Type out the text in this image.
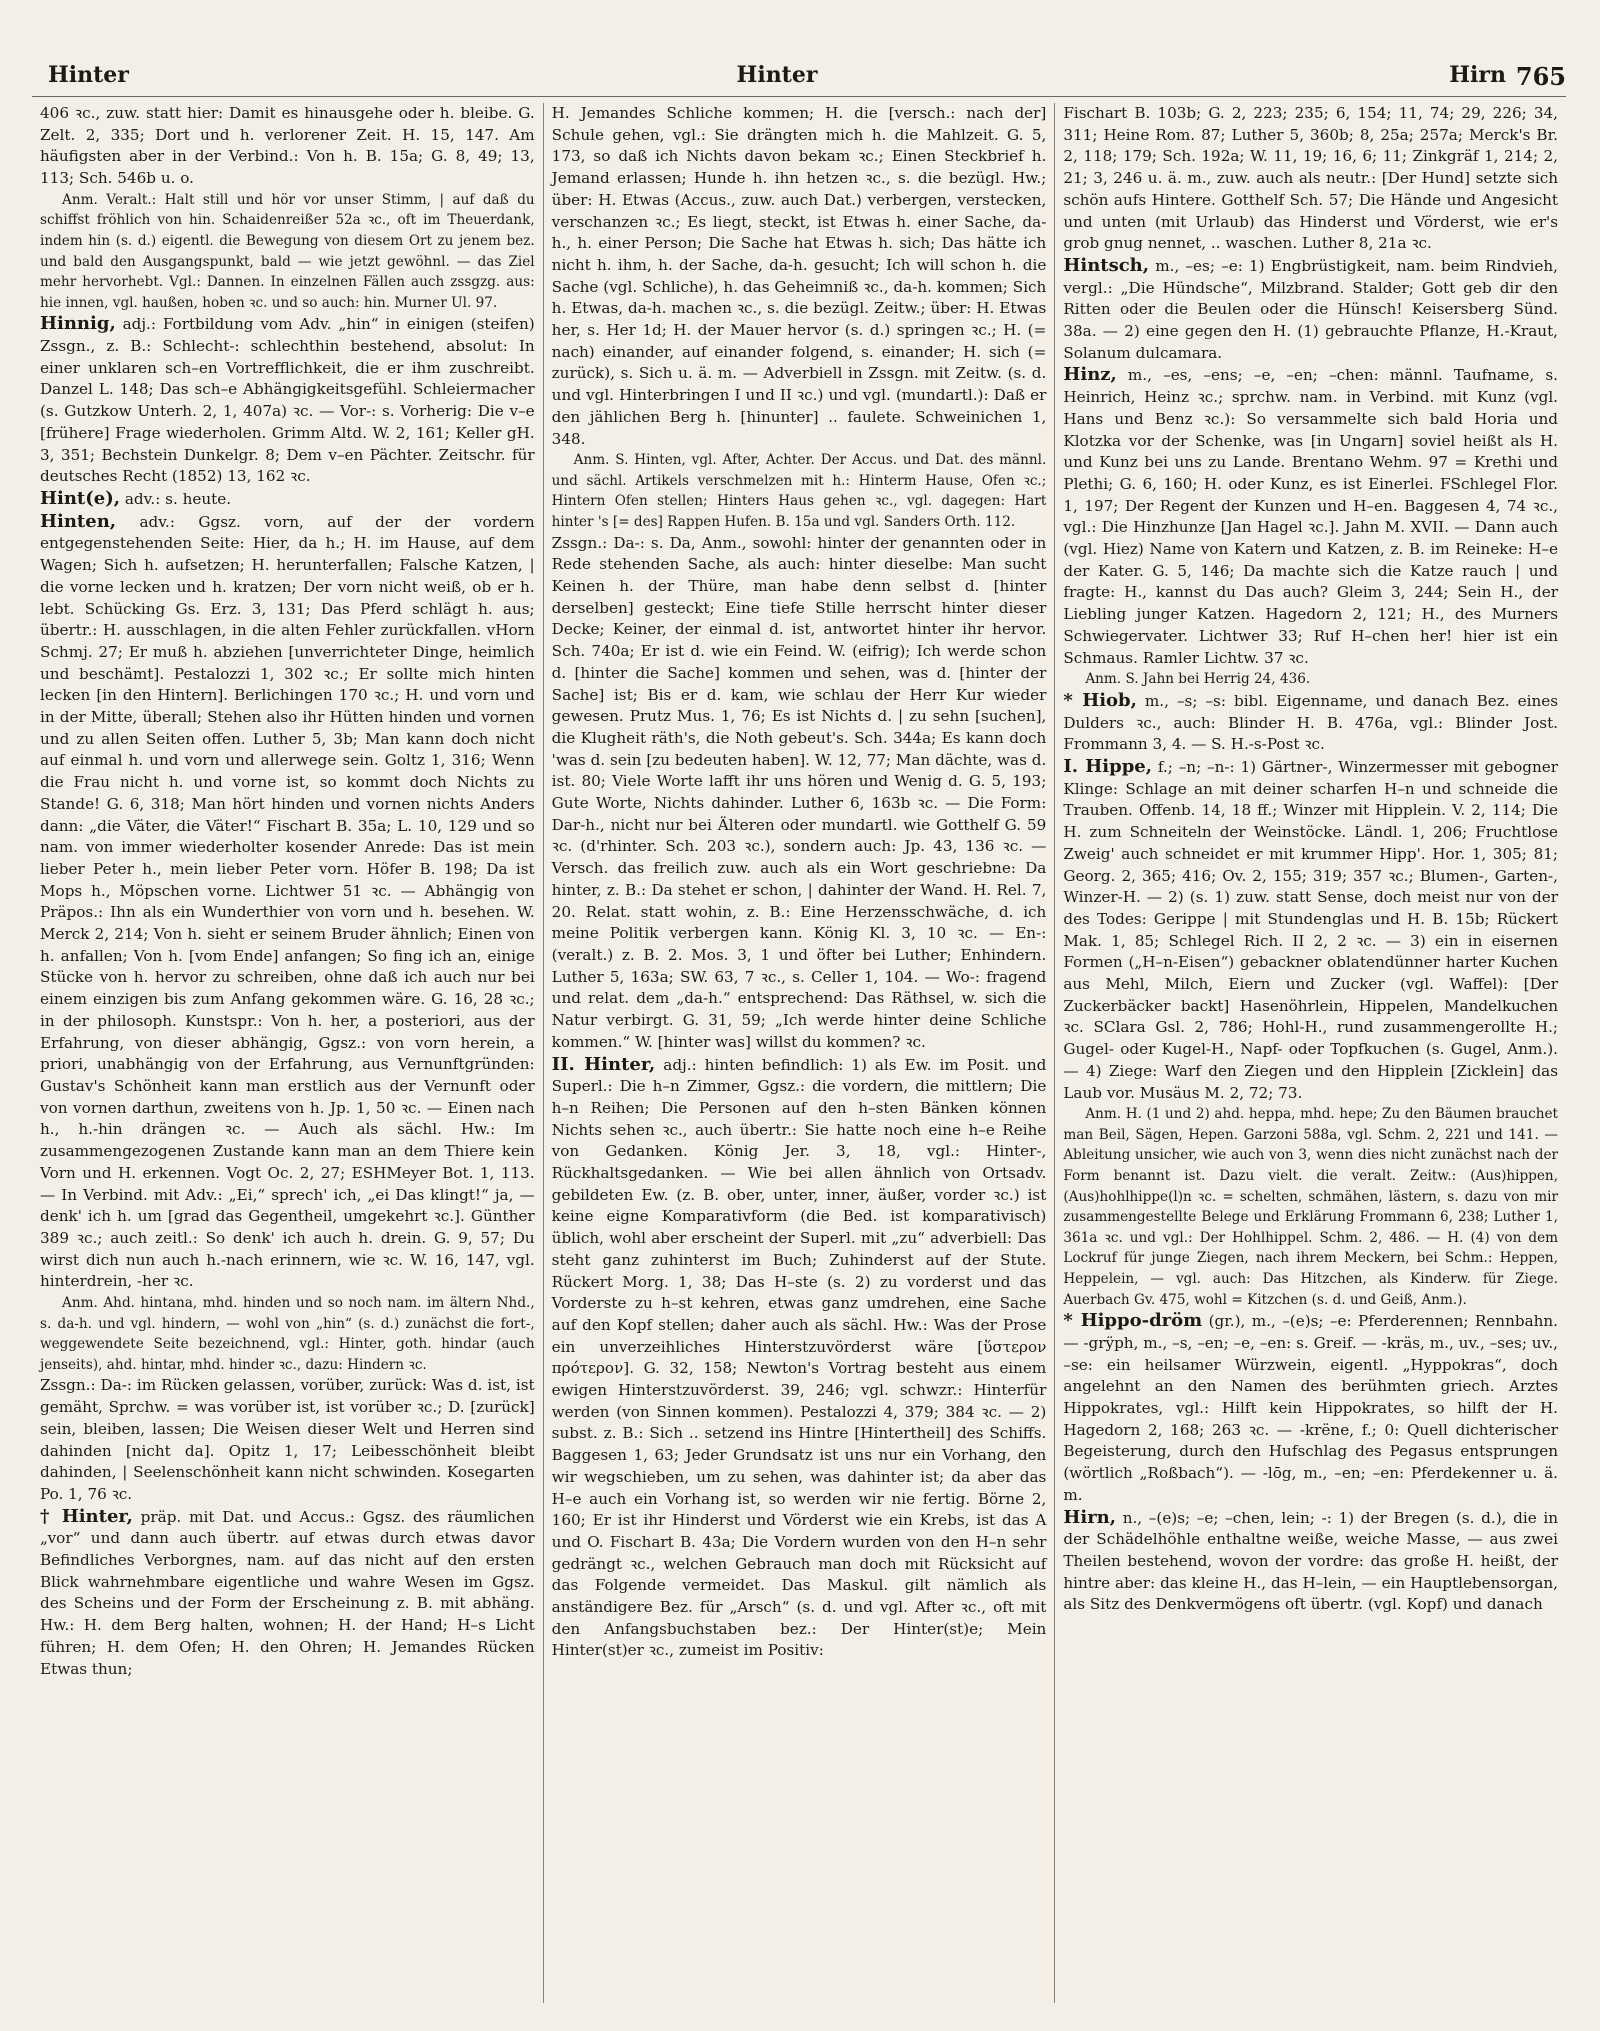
Hinter	Hinter	Hirn 765

406 ꝛc., zuw. statt hier: Damit es hinausgehe oder h. bleibe. G. Zelt. 2, 335; Dort und h. verlorener Zeit. H. 15, 147. Am häufigsten aber in der Verbind.: Von h. B. 15a; G. 8, 49; 13, 113; Sch. 546b u. o.

Anm. Veralt.: Halt still und hör vor unser Stimm, | auf daß du schiffst fröhlich von hin. Schaidenreißer 52a ꝛc., oft im Theuerdank, indem hin (s. d.) eigentl. die Bewegung von diesem Ort zu jenem bez. und bald den Ausgangspunkt, bald — wie jetzt gewöhnl. — das Ziel mehr hervorhebt. Vgl.: Dannen. In einzelnen Fällen auch zssgzg. aus: hie innen, vgl. haußen, hoben ꝛc. und so auch: hin. Murner Ul. 97.

Hinnig, adj.: Fortbildung vom Adv. „hin“ in einigen (steifen) Zssgn., z. B.: Schlecht-: schlechthin bestehend, absolut: In einer unklaren sch–en Vortrefflichkeit, die er ihm zuschreibt. Danzel L. 148; Das sch–e Abhängigkeitsgefühl. Schleiermacher (s. Gutzkow Unterh. 2, 1, 407a) ꝛc. — Vor-: s. Vorherig: Die v–e [frühere] Frage wiederholen. Grimm Altd. W. 2, 161; Keller gH. 3, 351; Bechstein Dunkelgr. 8; Dem v–en Pächter. Zeitschr. für deutsches Recht (1852) 13, 162 ꝛc.

Hint(e), adv.: s. heute.

Hinten, adv.: Ggsz. vorn, auf der der vordern entgegenstehenden Seite: Hier, da h.; H. im Hause, auf dem Wagen; Sich h. aufsetzen; H. herunterfallen; Falsche Katzen, | die vorne lecken und h. kratzen; Der vorn nicht weiß, ob er h. lebt. Schücking Gs. Erz. 3, 131; Das Pferd schlägt h. aus; übertr.: H. ausschlagen, in die alten Fehler zurückfallen. vHorn Schmj. 27; Er muß h. abziehen [unverrichteter Dinge, heimlich und beschämt]. Pestalozzi 1, 302 ꝛc.; Er sollte mich hinten lecken [in den Hintern]. Berlichingen 170 ꝛc.; H. und vorn und in der Mitte, überall; Stehen also ihr Hütten hinden und vornen und zu allen Seiten offen. Luther 5, 3b; Man kann doch nicht auf einmal h. und vorn und allerwege sein. Goltz 1, 316; Wenn die Frau nicht h. und vorne ist, so kommt doch Nichts zu Stande! G. 6, 318; Man hört hinden und vornen nichts Anders dann: „die Väter, die Väter!“ Fischart B. 35a; L. 10, 129 und so nam. von immer wiederholter kosender Anrede: Das ist mein lieber Peter h., mein lieber Peter vorn. Höfer B. 198; Da ist Mops h., Möpschen vorne. Lichtwer 51 ꝛc. — Abhängig von Präpos.: Ihn als ein Wunderthier von vorn und h. besehen. W. Merck 2, 214; Von h. sieht er seinem Bruder ähnlich; Einen von h. anfallen; Von h. [vom Ende] anfangen; So fing ich an, einige Stücke von h. hervor zu schreiben, ohne daß ich auch nur bei einem einzigen bis zum Anfang gekommen wäre. G. 16, 28 ꝛc.; in der philosoph. Kunstspr.: Von h. her, a posteriori, aus der Erfahrung, von dieser abhängig, Ggsz.: von vorn herein, a priori, unabhängig von der Erfahrung, aus Vernunftgründen: Gustav's Schönheit kann man erstlich aus der Vernunft oder von vornen darthun, zweitens von h. Jp. 1, 50 ꝛc. — Einen nach h., h.-hin drängen ꝛc. — Auch als sächl. Hw.: Im zusammengezogenen Zustande kann man an dem Thiere kein Vorn und H. erkennen. Vogt Oc. 2, 27; ESHMeyer Bot. 1, 113. — In Verbind. mit Adv.: „Ei,“ sprech' ich, „ei Das klingt!“ ja, — denk' ich h. um [grad das Gegentheil, umgekehrt ꝛc.]. Günther 389 ꝛc.; auch zeitl.: So denk' ich auch h. drein. G. 9, 57; Du wirst dich nun auch h.-nach erinnern, wie ꝛc. W. 16, 147, vgl. hinterdrein, -her ꝛc.

Anm. Ahd. hintana, mhd. hinden und so noch nam. im ältern Nhd., s. da-h. und vgl. hindern, — wohl von „hin“ (s. d.) zunächst die fort-, weggewendete Seite bezeichnend, vgl.: Hinter, goth. hindar (auch jenseits), ahd. hintar, mhd. hinder ꝛc., dazu: Hindern ꝛc.

Zssgn.: Da-: im Rücken gelassen, vorüber, zurück: Was d. ist, ist gemäht, Sprchw. = was vorüber ist, ist vorüber ꝛc.; D. [zurück] sein, bleiben, lassen; Die Weisen dieser Welt und Herren sind dahinden [nicht da]. Opitz 1, 17; Leibesschönheit bleibt dahinden, | Seelenschönheit kann nicht schwinden. Kosegarten Po. 1, 76 ꝛc.

† Hinter, präp. mit Dat. und Accus.: Ggsz. des räumlichen „vor“ und dann auch übertr. auf etwas durch etwas davor Befindliches Verborgnes, nam. auf das nicht auf den ersten Blick wahrnehmbare eigentliche und wahre Wesen im Ggsz. des Scheins und der Form der Erscheinung z. B. mit abhäng. Hw.: H. dem Berg halten, wohnen; H. der Hand; H–s Licht führen; H. dem Ofen; H. den Ohren; H. Jemandes Rücken Etwas thun;

H. Jemandes Schliche kommen; H. die [versch.: nach der] Schule gehen, vgl.: Sie drängten mich h. die Mahlzeit. G. 5, 173, so daß ich Nichts davon bekam ꝛc.; Einen Steckbrief h. Jemand erlassen; Hunde h. ihn hetzen ꝛc., s. die bezügl. Hw.; über: H. Etwas (Accus., zuw. auch Dat.) verbergen, verstecken, verschanzen ꝛc.; Es liegt, steckt, ist Etwas h. einer Sache, da-h., h. einer Person; Die Sache hat Etwas h. sich; Das hätte ich nicht h. ihm, h. der Sache, da-h. gesucht; Ich will schon h. die Sache (vgl. Schliche), h. das Geheimniß ꝛc., da-h. kommen; Sich h. Etwas, da-h. machen ꝛc., s. die bezügl. Zeitw.; über: H. Etwas her, s. Her 1d; H. der Mauer hervor (s. d.) springen ꝛc.; H. (= nach) einander, auf einander folgend, s. einander; H. sich (= zurück), s. Sich u. ä. m. — Adverbiell in Zssgn. mit Zeitw. (s. d. und vgl. Hinterbringen I und II ꝛc.) und vgl. (mundartl.): Daß er den jählichen Berg h. [hinunter] .. faulete. Schweinichen 1, 348.

Anm. S. Hinten, vgl. After, Achter. Der Accus. und Dat. des männl. und sächl. Artikels verschmelzen mit h.: Hinterm Hause, Ofen ꝛc.; Hintern Ofen stellen; Hinters Haus gehen ꝛc., vgl. dagegen: Hart hinter 's [= des] Rappen Hufen. B. 15a und vgl. Sanders Orth. 112.

Zssgn.: Da-: s. Da, Anm., sowohl: hinter der genannten oder in Rede stehenden Sache, als auch: hinter dieselbe: Man sucht Keinen h. der Thüre, man habe denn selbst d. [hinter derselben] gesteckt; Eine tiefe Stille herrscht hinter dieser Decke; Keiner, der einmal d. ist, antwortet hinter ihr hervor. Sch. 740a; Er ist d. wie ein Feind. W. (eifrig); Ich werde schon d. [hinter die Sache] kommen und sehen, was d. [hinter der Sache] ist; Bis er d. kam, wie schlau der Herr Kur wieder gewesen. Prutz Mus. 1, 76; Es ist Nichts d. | zu sehn [suchen], die Klugheit räth's, die Noth gebeut's. Sch. 344a; Es kann doch 'was d. sein [zu bedeuten haben]. W. 12, 77; Man dächte, was d. ist. 80; Viele Worte lafft ihr uns hören und Wenig d. G. 5, 193; Gute Worte, Nichts dahinder. Luther 6, 163b ꝛc. — Die Form: Dar-h., nicht nur bei Älteren oder mundartl. wie Gotthelf G. 59 ꝛc. (d'rhinter. Sch. 203 ꝛc.), sondern auch: Jp. 43, 136 ꝛc. — Versch. das freilich zuw. auch als ein Wort geschriebne: Da hinter, z. B.: Da stehet er schon, | dahinter der Wand. H. Rel. 7, 20. Relat. statt wohin, z. B.: Eine Herzensschwäche, d. ich meine Politik verbergen kann. König Kl. 3, 10 ꝛc. — En-: (veralt.) z. B. 2. Mos. 3, 1 und öfter bei Luther; Enhindern. Luther 5, 163a; SW. 63, 7 ꝛc., s. Celler 1, 104. — Wo-: fragend und relat. dem „da-h.“ entsprechend: Das Räthsel, w. sich die Natur verbirgt. G. 31, 59; „Ich werde hinter deine Schliche kommen.“ W. [hinter was] willst du kommen? ꝛc.

II. Hinter, adj.: hinten befindlich: 1) als Ew. im Posit. und Superl.: Die h–n Zimmer, Ggsz.: die vordern, die mittlern; Die h–n Reihen; Die Personen auf den h–sten Bänken können Nichts sehen ꝛc., auch übertr.: Sie hatte noch eine h–e Reihe von Gedanken. König Jer. 3, 18, vgl.: Hinter-, Rückhaltsgedanken. — Wie bei allen ähnlich von Ortsadv. gebildeten Ew. (z. B. ober, unter, inner, äußer, vorder ꝛc.) ist keine eigne Komparativform (die Bed. ist komparativisch) üblich, wohl aber erscheint der Superl. mit „zu“ adverbiell: Das steht ganz zuhinterst im Buch; Zuhinderst auf der Stute. Rückert Morg. 1, 38; Das H–ste (s. 2) zu vorderst und das Vorderste zu h–st kehren, etwas ganz umdrehen, eine Sache auf den Kopf stellen; daher auch als sächl. Hw.: Was der Prose ein unverzeihliches Hinterstzuvörderst wäre [ὕστερον πρότερον]. G. 32, 158; Newton's Vortrag besteht aus einem ewigen Hinterstzuvörderst. 39, 246; vgl. schwzr.: Hinterfür werden (von Sinnen kommen). Pestalozzi 4, 379; 384 ꝛc. — 2) subst. z. B.: Sich .. setzend ins Hintre [Hintertheil] des Schiffs. Baggesen 1, 63; Jeder Grundsatz ist uns nur ein Vorhang, den wir wegschieben, um zu sehen, was dahinter ist; da aber das H–e auch ein Vorhang ist, so werden wir nie fertig. Börne 2, 160; Er ist ihr Hinderst und Vörderst wie ein Krebs, ist das A und O. Fischart B. 43a; Die Vordern wurden von den H–n sehr gedrängt ꝛc., welchen Gebrauch man doch mit Rücksicht auf das Folgende vermeidet. Das Maskul. gilt nämlich als anständigere Bez. für „Arsch“ (s. d. und vgl. After ꝛc., oft mit den Anfangsbuchstaben bez.: Der Hinter(st)e; Mein Hinter(st)er ꝛc., zumeist im Positiv:

Fischart B. 103b; G. 2, 223; 235; 6, 154; 11, 74; 29, 226; 34, 311; Heine Rom. 87; Luther 5, 360b; 8, 25a; 257a; Merck's Br. 2, 118; 179; Sch. 192a; W. 11, 19; 16, 6; 11; Zinkgräf 1, 214; 2, 21; 3, 246 u. ä. m., zuw. auch als neutr.: [Der Hund] setzte sich schön aufs Hintere. Gotthelf Sch. 57; Die Hände und Angesicht und unten (mit Urlaub) das Hinderst und Vörderst, wie er's grob gnug nennet, .. waschen. Luther 8, 21a ꝛc.

Hintsch, m., –es; –e: 1) Engbrüstigkeit, nam. beim Rindvieh, vergl.: „Die Hündsche“, Milzbrand. Stalder; Gott geb dir den Ritten oder die Beulen oder die Hünsch! Keisersberg Sünd. 38a. — 2) eine gegen den H. (1) gebrauchte Pflanze, H.-Kraut, Solanum dulcamara.

Hinz, m., –es, –ens; –e, –en; –chen: männl. Taufname, s. Heinrich, Heinz ꝛc.; sprchw. nam. in Verbind. mit Kunz (vgl. Hans und Benz ꝛc.): So versammelte sich bald Horia und Klotzka vor der Schenke, was [in Ungarn] soviel heißt als H. und Kunz bei uns zu Lande. Brentano Wehm. 97 = Krethi und Plethi; G. 6, 160; H. oder Kunz, es ist Einerlei. FSchlegel Flor. 1, 197; Der Regent der Kunzen und H–en. Baggesen 4, 74 ꝛc., vgl.: Die Hinzhunze [Jan Hagel ꝛc.]. Jahn M. XVII. — Dann auch (vgl. Hiez) Name von Katern und Katzen, z. B. im Reineke: H–e der Kater. G. 5, 146; Da machte sich die Katze rauch | und fragte: H., kannst du Das auch? Gleim 3, 244; Sein H., der Liebling junger Katzen. Hagedorn 2, 121; H., des Murners Schwiegervater. Lichtwer 33; Ruf H–chen her! hier ist ein Schmaus. Ramler Lichtw. 37 ꝛc.

Anm. S. Jahn bei Herrig 24, 436.

* Hiob, m., –s; –s: bibl. Eigenname, und danach Bez. eines Dulders ꝛc., auch: Blinder H. B. 476a, vgl.: Blinder Jost. Frommann 3, 4. — S. H.-s-Post ꝛc.

I. Hippe, f.; –n; –n-: 1) Gärtner-, Winzermesser mit gebogner Klinge: Schlage an mit deiner scharfen H–n und schneide die Trauben. Offenb. 14, 18 ff.; Winzer mit Hipplein. V. 2, 114; Die H. zum Schneiteln der Weinstöcke. Ländl. 1, 206; Fruchtlose Zweig' auch schneidet er mit krummer Hipp'. Hor. 1, 305; 81; Georg. 2, 365; 416; Ov. 2, 155; 319; 357 ꝛc.; Blumen-, Garten-, Winzer-H. — 2) (s. 1) zuw. statt Sense, doch meist nur von der des Todes: Gerippe | mit Stundenglas und H. B. 15b; Rückert Mak. 1, 85; Schlegel Rich. II 2, 2 ꝛc. — 3) ein in eisernen Formen („H–n-Eisen“) gebackner oblatendünner harter Kuchen aus Mehl, Milch, Eiern und Zucker (vgl. Waffel): [Der Zuckerbäcker backt] Hasenöhrlein, Hippelen, Mandelkuchen ꝛc. SClara Gsl. 2, 786; Hohl-H., rund zusammengerollte H.; Gugel- oder Kugel-H., Napf- oder Topfkuchen (s. Gugel, Anm.). — 4) Ziege: Warf den Ziegen und den Hipplein [Zicklein] das Laub vor. Musäus M. 2, 72; 73.

Anm. H. (1 und 2) ahd. heppa, mhd. hepe; Zu den Bäumen brauchet man Beil, Sägen, Hepen. Garzoni 588a, vgl. Schm. 2, 221 und 141. — Ableitung unsicher, wie auch von 3, wenn dies nicht zunächst nach der Form benannt ist. Dazu vielt. die veralt. Zeitw.: (Aus)hippen, (Aus)hohlhippe(l)n ꝛc. = schelten, schmähen, lästern, s. dazu von mir zusammengestellte Belege und Erklärung Frommann 6, 238; Luther 1, 361a ꝛc. und vgl.: Der Hohlhippel. Schm. 2, 486. — H. (4) von dem Lockruf für junge Ziegen, nach ihrem Meckern, bei Schm.: Heppen, Heppelein, — vgl. auch: Das Hitzchen, als Kinderw. für Ziege. Auerbach Gv. 475, wohl = Kitzchen (s. d. und Geiß, Anm.).

* Hippo-dröm (gr.), m., –(e)s; –e: Pferderennen; Rennbahn. — -grÿph, m., –s, –en; –e, –en: s. Greif. — -kräs, m., uv., –ses; uv., –se: ein heilsamer Würzwein, eigentl. „Hyppokras“, doch angelehnt an den Namen des berühmten griech. Arztes Hippokrates, vgl.: Hilft kein Hippokrates, so hilft der H. Hagedorn 2, 168; 263 ꝛc. — -krëne, f.; 0: Quell dichterischer Begeisterung, durch den Hufschlag des Pegasus entsprungen (wörtlich „Roßbach“). — -lōg, m., –en; –en: Pferdekenner u. ä. m.

Hirn, n., –(e)s; –e; –chen, lein; -: 1) der Bregen (s. d.), die in der Schädelhöhle enthaltne weiße, weiche Masse, — aus zwei Theilen bestehend, wovon der vordre: das große H. heißt, der hintre aber: das kleine H., das H–lein, — ein Hauptlebensorgan, als Sitz des Denkvermögens oft übertr. (vgl. Kopf) und danach
